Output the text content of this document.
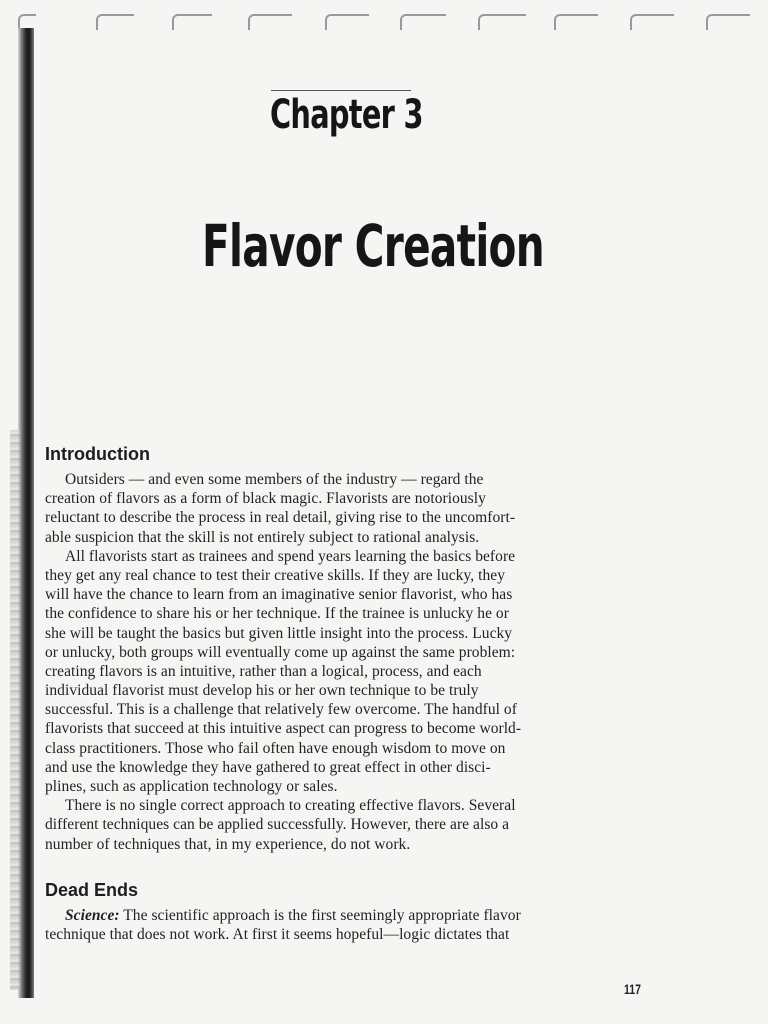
Chapter 3
Flavor Creation
Introduction
Outsiders — and even some members of the industry — regard the
creation of flavors as a form of black magic. Flavorists are notoriously
reluctant to describe the process in real detail, giving rise to the uncomfort-
able suspicion that the skill is not entirely subject to rational analysis.
All flavorists start as trainees and spend years learning the basics before
they get any real chance to test their creative skills. If they are lucky, they
will have the chance to learn from an imaginative senior flavorist, who has
the confidence to share his or her technique. If the trainee is unlucky he or
she will be taught the basics but given little insight into the process. Lucky
or unlucky, both groups will eventually come up against the same problem:
creating flavors is an intuitive, rather than a logical, process, and each
individual flavorist must develop his or her own technique to be truly
successful. This is a challenge that relatively few overcome. The handful of
flavorists that succeed at this intuitive aspect can progress to become world-
class practitioners. Those who fail often have enough wisdom to move on
and use the knowledge they have gathered to great effect in other disci-
plines, such as application technology or sales.
There is no single correct approach to creating effective flavors. Several
different techniques can be applied successfully. However, there are also a
number of techniques that, in my experience, do not work.
Dead Ends
Science: The scientific approach is the first seemingly appropriate flavor
technique that does not work. At first it seems hopeful—logic dictates that
117
